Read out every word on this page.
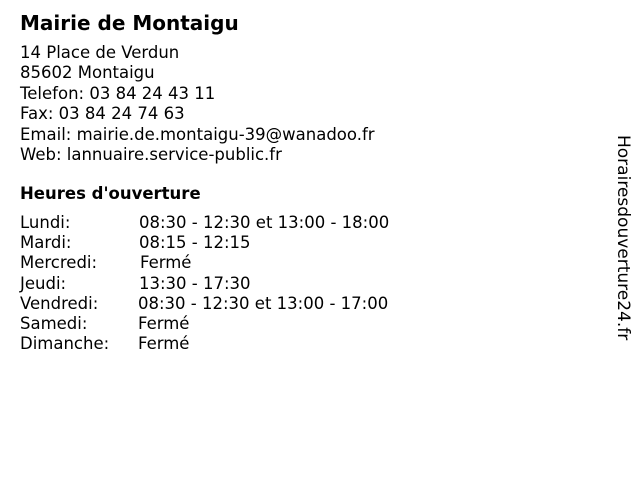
Mairie de Montaigu
14 Place de Verdun
85602 Montaigu
Telefon: 03 84 24 43 11
Fax: 03 84 24 74 63
Email: mairie.de.montaigu-39@wanadoo.fr
Web: lannuaire.service-public.fr
Heures d'ouverture
Lundi:	08:30 - 12:30 et 13:00 - 18:00
Mardi:	08:15 - 12:15
Mercredi:	Fermé
Jeudi:	13:30 - 17:30
Vendredi: 08:30 - 12:30 et 13:00 - 17:00
Samedi:	Fermé
Dimanche: Fermé
Horairesdouverture24.fr
